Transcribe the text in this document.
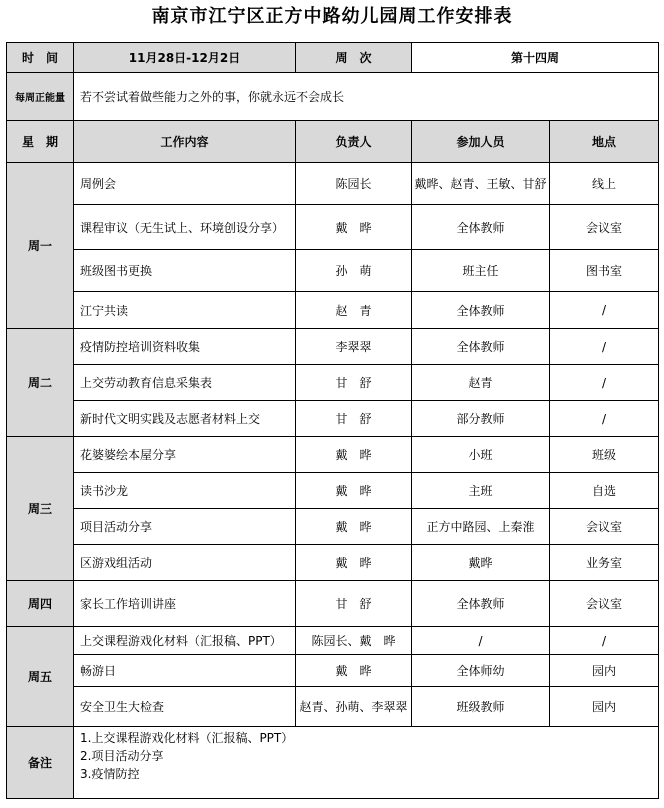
南京市江宁区正方中路幼儿园周工作安排表
时　间	11月28日-12月2日	周　次	第十四周	
每周正能量	若不尝试着做些能力之外的事，你就永远不会成长			
星　期	工作内容	负责人	参加人员	地点
周一	周例会	陈园长	戴晔、赵青、王敏、甘舒	线上
	课程审议（无生试上、环境创设分享）	戴　晔	全体教师	会议室
	班级图书更换	孙　萌	班主任	图书室
	江宁共读	赵　青	全体教师	/
周二	疫情防控培训资料收集	李翠翠	全体教师	/
	上交劳动教育信息采集表	甘　舒	赵青	/
	新时代文明实践及志愿者材料上交	甘　舒	部分教师	/
周三	花婆婆绘本屋分享	戴　晔	小班	班级
	读书沙龙	戴　晔	主班	自选
	项目活动分享	戴　晔	正方中路园、上秦淮	会议室
	区游戏组活动	戴　晔	戴晔	业务室
周四	家长工作培训讲座	甘　舒	全体教师	会议室
周五	上交课程游戏化材料（汇报稿、PPT）	陈园长、戴　晔	/	/
	畅游日	戴　晔	全体师幼	园内
	安全卫生大检查	赵青、孙萌、李翠翠	班级教师	园内
备注	1.上交课程游戏化材料（汇报稿、PPT）
2.项目活动分享
3.疫情防控			
